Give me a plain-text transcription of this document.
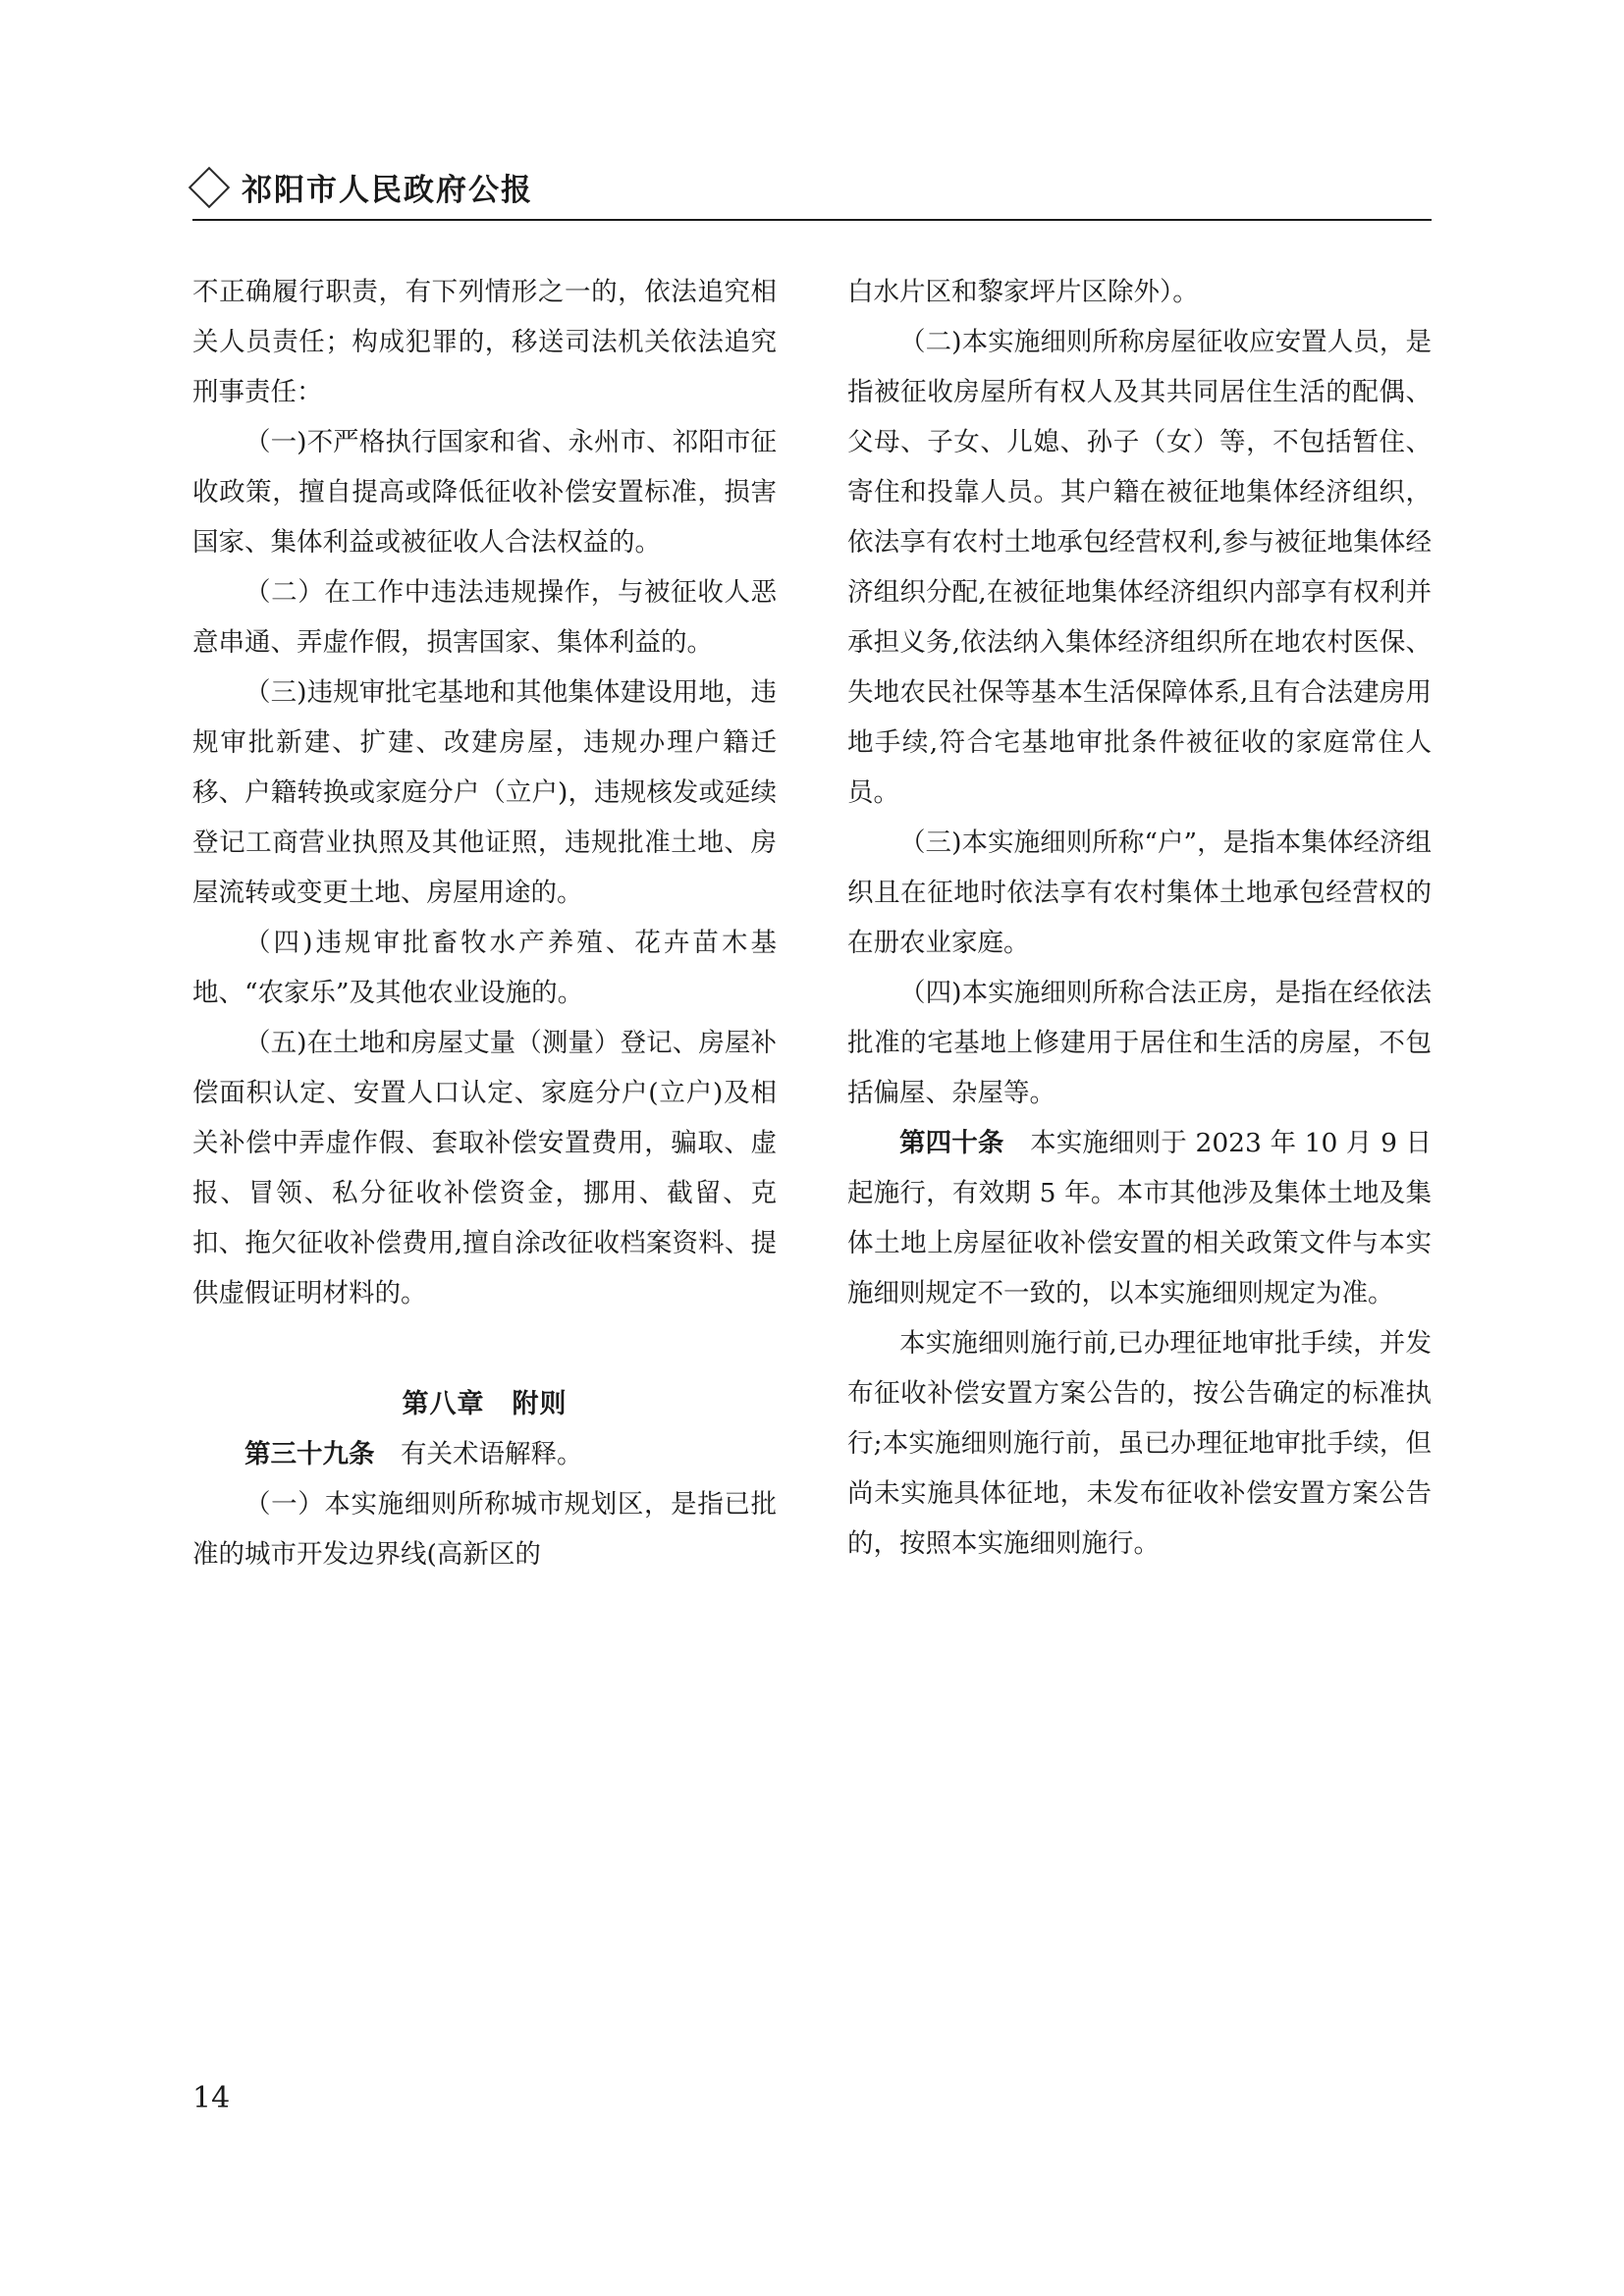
祁阳市人民政府公报

不正确履行职责，有下列情形之一的，依法追究相关人员责任；构成犯罪的，移送司法机关依法追究刑事责任：

（一)不严格执行国家和省、永州市、祁阳市征收政策，擅自提高或降低征收补偿安置标准，损害国家、集体利益或被征收人合法权益的。

（二）在工作中违法违规操作，与被征收人恶意串通、弄虚作假，损害国家、集体利益的。

（三)违规审批宅基地和其他集体建设用地，违规审批新建、扩建、改建房屋，违规办理户籍迁移、户籍转换或家庭分户（立户)，违规核发或延续登记工商营业执照及其他证照，违规批准土地、房屋流转或变更土地、房屋用途的。

（四)违规审批畜牧水产养殖、花卉苗木基地、“农家乐”及其他农业设施的。

（五)在土地和房屋丈量（测量）登记、房屋补偿面积认定、安置人口认定、家庭分户(立户)及相关补偿中弄虚作假、套取补偿安置费用，骗取、虚报、冒领、私分征收补偿资金，挪用、截留、克扣、拖欠征收补偿费用,擅自涂改征收档案资料、提供虚假证明材料的。

第八章　附则

第三十九条　有关术语解释。

（一）本实施细则所称城市规划区，是指已批准的城市开发边界线(高新区的

白水片区和黎家坪片区除外）。

（二)本实施细则所称房屋征收应安置人员，是指被征收房屋所有权人及其共同居住生活的配偶、父母、子女、儿媳、孙子（女）等，不包括暂住、寄住和投靠人员。其户籍在被征地集体经济组织，依法享有农村土地承包经营权利,参与被征地集体经济组织分配,在被征地集体经济组织内部享有权利并承担义务,依法纳入集体经济组织所在地农村医保、失地农民社保等基本生活保障体系,且有合法建房用地手续,符合宅基地审批条件被征收的家庭常住人员。

（三)本实施细则所称“户”，是指本集体经济组织且在征地时依法享有农村集体土地承包经营权的在册农业家庭。

（四)本实施细则所称合法正房，是指在经依法批准的宅基地上修建用于居住和生活的房屋，不包括偏屋、杂屋等。

第四十条　本实施细则于 2023 年 10 月 9 日起施行，有效期 5 年。本市其他涉及集体土地及集体土地上房屋征收补偿安置的相关政策文件与本实施细则规定不一致的，以本实施细则规定为准。

本实施细则施行前,已办理征地审批手续，并发布征收补偿安置方案公告的，按公告确定的标准执行;本实施细则施行前，虽已办理征地审批手续，但尚未实施具体征地，未发布征收补偿安置方案公告的，按照本实施细则施行。

14
